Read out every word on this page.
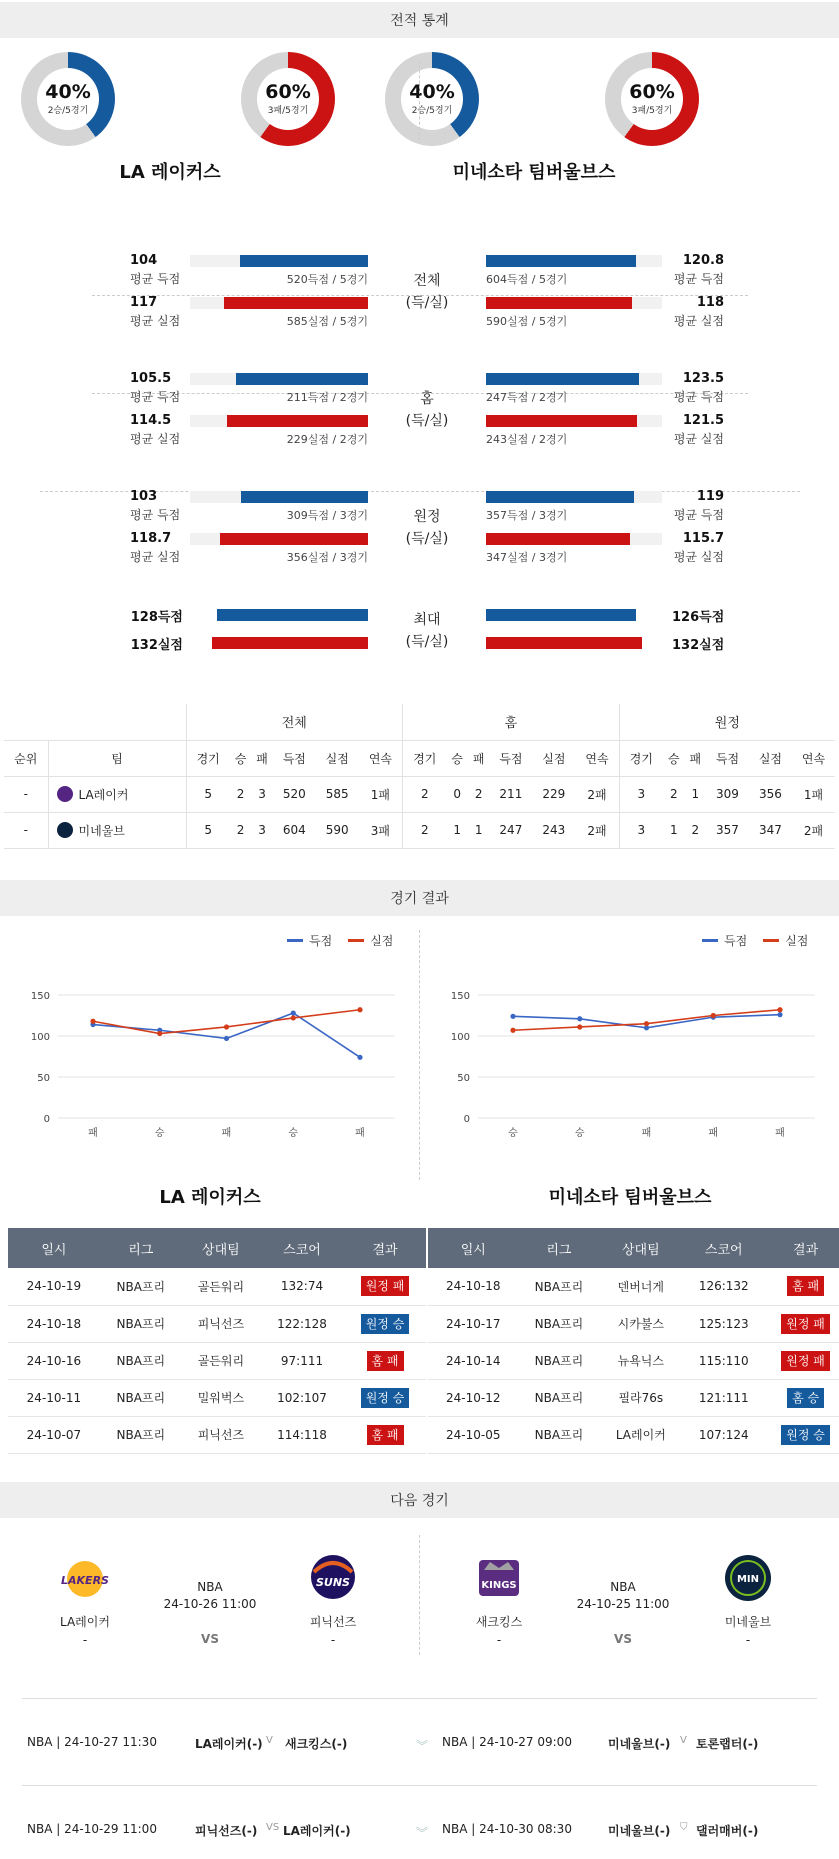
전적 통계
40%
2승/5경기
60%
3패/5경기
40%
2승/5경기
60%
3패/5경기
LA 레이커스	미네소타 팀버울브스
		전체						홈						원정					
순위	팀	경기	승	패	득점	실점	연속	경기	승	패	득점	실점	연속	경기	승	패	득점	실점	연속
-	LA레이커	5	2	3	520	585	1패	2	0	2	211	229	2패	3	2	1	309	356	1패
-	미네울브	5	2	3	604	590	3패	2	1	1	247	243	2패	3	1	2	357	347	2패
경기 결과
득점	실점	득점	실점
0
50
100
150
패	승	패	승	패
0
50
100
150
승	승	패	패	패
LA 레이커스	미네소타 팀버울브스
일시	리그	상대팀	스코어	결과
24-10-19	NBA프리	골든워리	132:74	원정 패
24-10-18	NBA프리	피닉선즈	122:128	원정 승
24-10-16	NBA프리	골든워리	97:111	홈 패
24-10-11	NBA프리	밀워벅스	102:107	원정 승
24-10-07	NBA프리	피닉선즈	114:118	홈 패
일시	리그	상대팀	스코어	결과
24-10-18	NBA프리	덴버너게	126:132	홈 패
24-10-17	NBA프리	시카불스	125:123	원정 패
24-10-14	NBA프리	뉴욕닉스	115:110	원정 패
24-10-12	NBA프리	필라76s	121:111	홈 승
24-10-05	NBA프리	LA레이커	107:124	원정 승
다음 경기
LAKERS
LA레이커
-
NBA
24-10-26 11:00
VS
SUNS
피닉선즈
-
KINGS
새크킹스
-
NBA
24-10-25 11:00
VS
MIN
미네울브
-
NBA | 24-10-27 11:30	LA레이커(-) V 새크킹스(-)	︾ NBA | 24-10-27 09:00	미네울브(-) V 토론랩터(-)
NBA | 24-10-29 11:00	피닉선즈(-) VS LA레이커(-)	︾ NBA | 24-10-30 08:30	미네울브(-) ⛉ 댈러매버(-)
104
평균 득점	520득점 / 5경기
117
평균 실점	585실점 / 5경기
604득점 / 5경기
120.8
평균 득점
590실점 / 5경기
118
평균 실점
전체
(득/실)
105.5
평균 득점	211득점 / 2경기
114.5
평균 실점	229실점 / 2경기
247득점 / 2경기
123.5
평균 득점
243실점 / 2경기
121.5
평균 실점
홈
(득/실)
103
평균 득점	309득점 / 3경기
118.7
평균 실점	356실점 / 3경기
357득점 / 3경기
119
평균 득점
347실점 / 3경기
115.7
평균 실점
원정
(득/실)
128득점
132실점
126득점
132실점
최대
(득/실)
